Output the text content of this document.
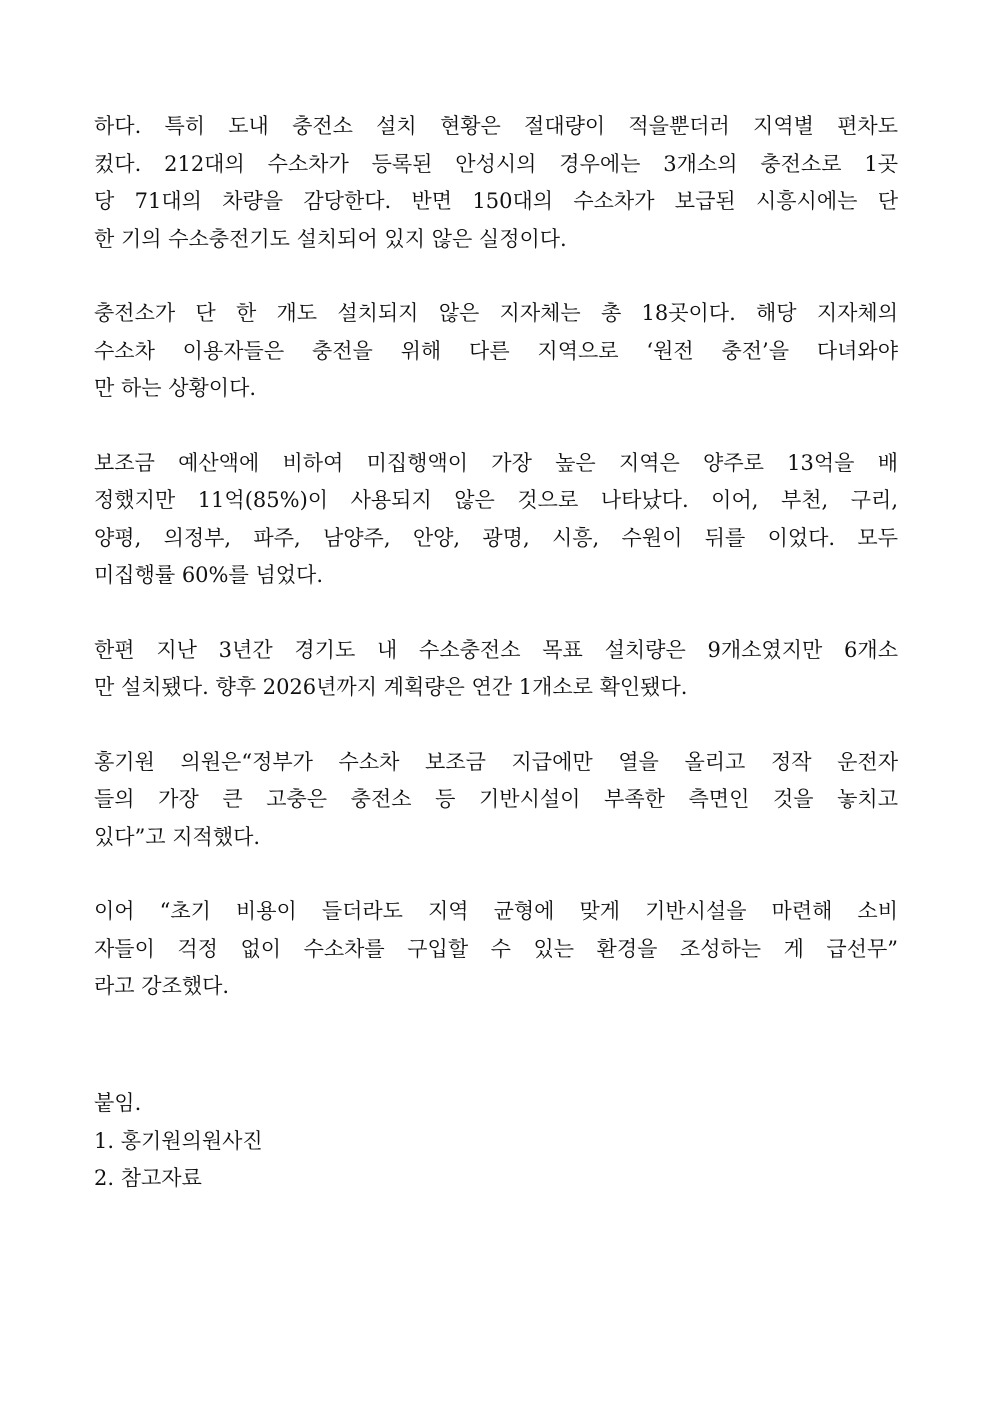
하다. 특히 도내 충전소 설치 현황은 절대량이 적을뿐더러 지역별 편차도
컸다. 212대의 수소차가 등록된 안성시의 경우에는 3개소의 충전소로 1곳
당 71대의 차량을 감당한다. 반면 150대의 수소차가 보급된 시흥시에는 단
한 기의 수소충전기도 설치되어 있지 않은 실정이다.

충전소가 단 한 개도 설치되지 않은 지자체는 총 18곳이다. 해당 지자체의
수소차 이용자들은 충전을 위해 다른 지역으로 ‘원전 충전’을 다녀와야
만 하는 상황이다.

보조금 예산액에 비하여 미집행액이 가장 높은 지역은 양주로 13억을 배
정했지만 11억(85%)이 사용되지 않은 것으로 나타났다. 이어, 부천, 구리,
양평, 의정부, 파주, 남양주, 안양, 광명, 시흥, 수원이 뒤를 이었다. 모두
미집행률 60%를 넘었다.

한편 지난 3년간 경기도 내 수소충전소 목표 설치량은 9개소였지만 6개소
만 설치됐다. 향후 2026년까지 계획량은 연간 1개소로 확인됐다.

홍기원 의원은“정부가 수소차 보조금 지급에만 열을 올리고 정작 운전자
들의 가장 큰 고충은 충전소 등 기반시설이 부족한 측면인 것을 놓치고
있다”고 지적했다.

이어 “초기 비용이 들더라도 지역 균형에 맞게 기반시설을 마련해 소비
자들이 걱정 없이 수소차를 구입할 수 있는 환경을 조성하는 게 급선무”
라고 강조했다.

붙임.
1. 홍기원의원사진
2. 참고자료
